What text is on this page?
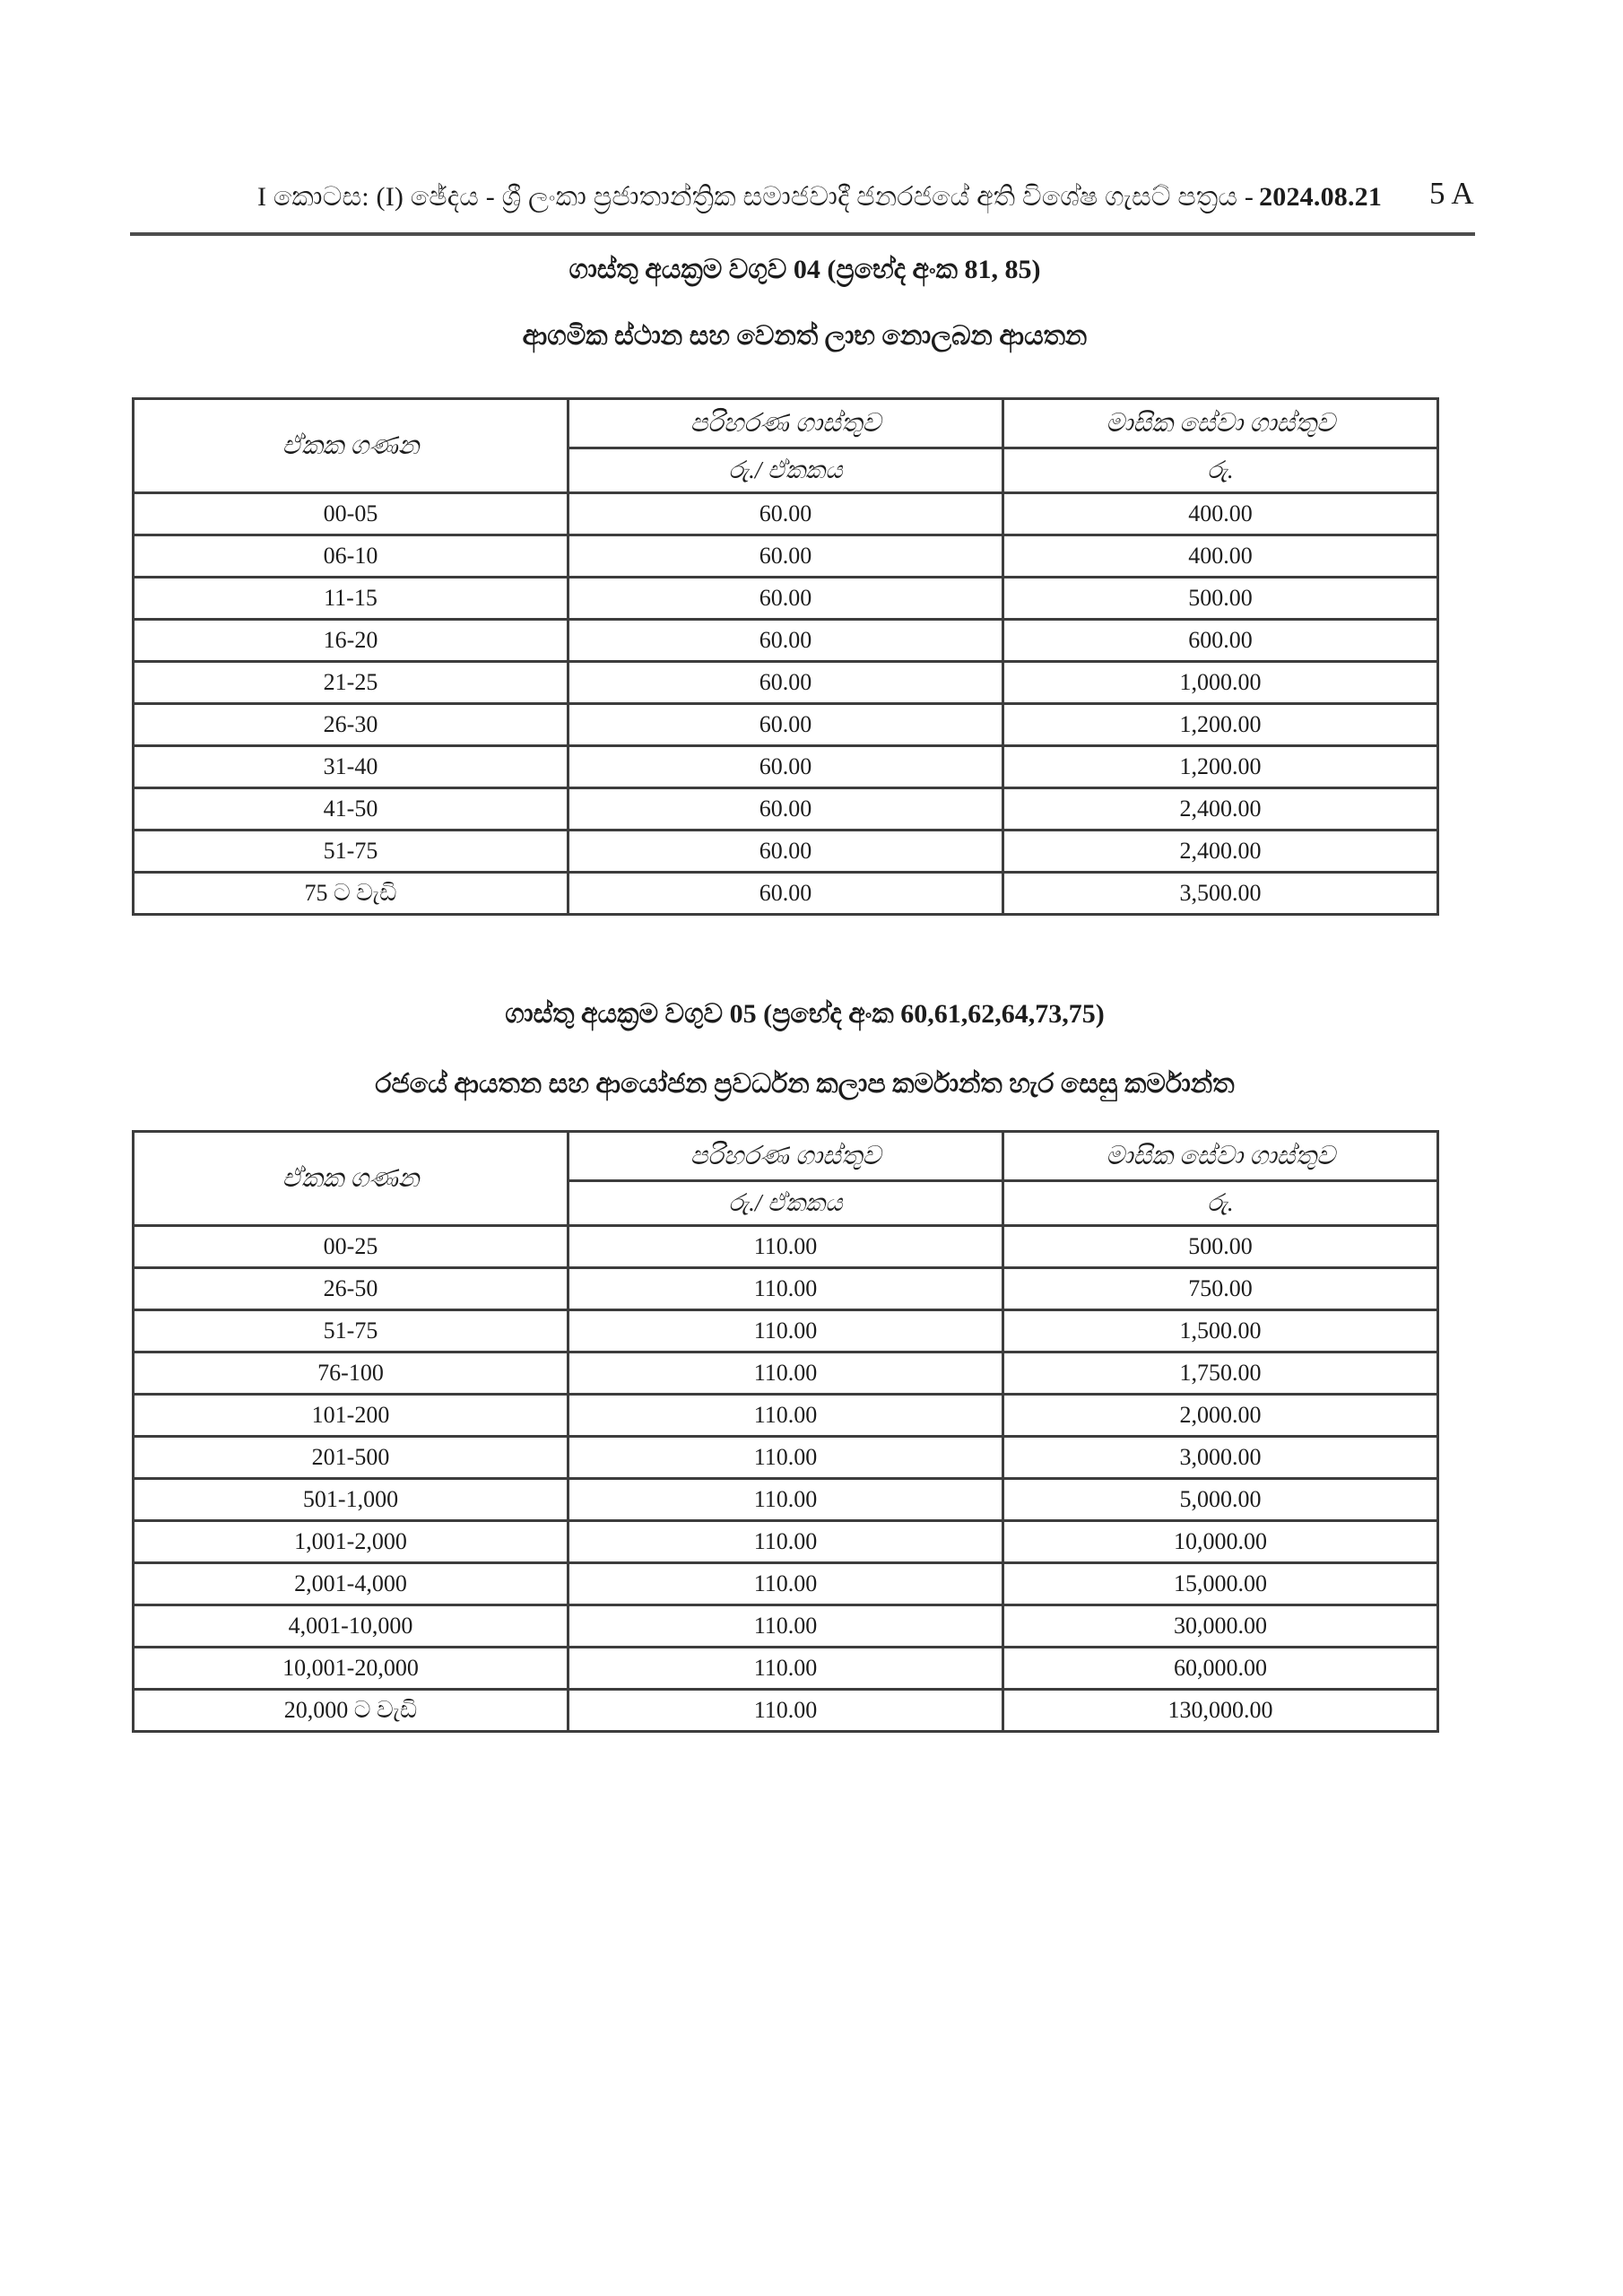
I කොටස: (I) ඡේදය - ශ්‍රී ලංකා ප්‍රජාතාන්ත්‍රික සමාජවාදී ජනරජයේ අති විශේෂ ගැසට් පත්‍රය - 2024.08.21 5 A
ගාස්තු අයක්‍රම වගුව 04 (ප්‍රභේද අංක 81, 85)
ආගමික ස්ථාන සහ වෙනත් ලාභ නොලබන ආයතන
ඒකක ගණන	පරිහරණ ගාස්තුව	මාසික සේවා ගාස්තුව
	රු./ ඒකකය	රු.
00-05	60.00	400.00
06-10	60.00	400.00
11-15	60.00	500.00
16-20	60.00	600.00
21-25	60.00	1,000.00
26-30	60.00	1,200.00
31-40	60.00	1,200.00
41-50	60.00	2,400.00
51-75	60.00	2,400.00
75 ට වැඩි	60.00	3,500.00
ගාස්තු අයක්‍රම වගුව 05 (ප්‍රභේද අංක 60,61,62,64,73,75)
රජයේ ආයතන සහ ආයෝජන ප්‍රවර්ධන කලාප කර්මාන්ත හැර සෙසු කර්මාන්ත
ඒකක ගණන	පරිහරණ ගාස්තුව	මාසික සේවා ගාස්තුව
	රු./ ඒකකය	රු.
00-25	110.00	500.00
26-50	110.00	750.00
51-75	110.00	1,500.00
76-100	110.00	1,750.00
101-200	110.00	2,000.00
201-500	110.00	3,000.00
501-1,000	110.00	5,000.00
1,001-2,000	110.00	10,000.00
2,001-4,000	110.00	15,000.00
4,001-10,000	110.00	30,000.00
10,001-20,000	110.00	60,000.00
20,000 ට වැඩි	110.00	130,000.00
